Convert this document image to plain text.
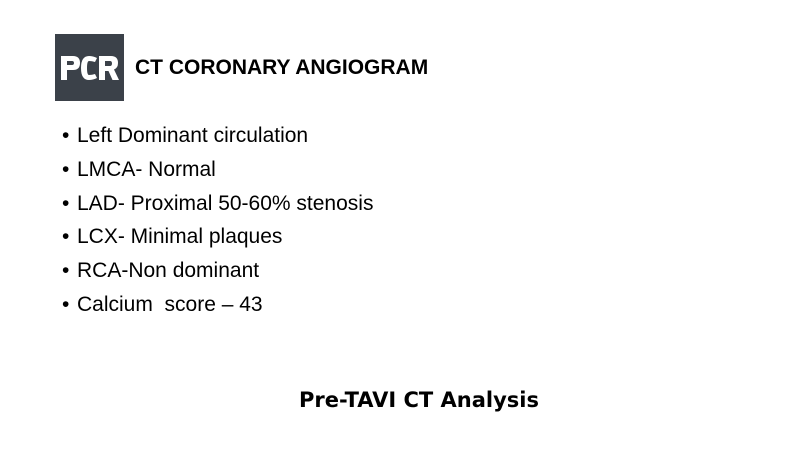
CT CORONARY ANGIOGRAM
• Left Dominant circulation
• LMCA- Normal
• LAD- Proximal 50-60% stenosis
• LCX- Minimal plaques
• RCA-Non dominant
• Calcium  score – 43
Pre-TAVI CT Analysis
